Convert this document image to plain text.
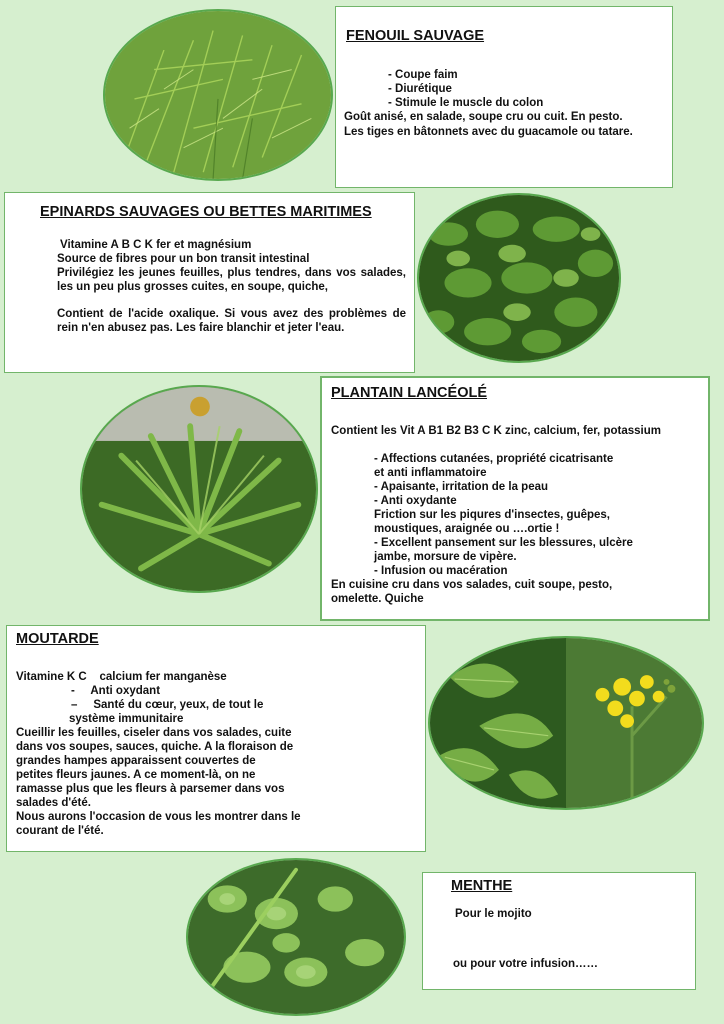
FENOUIL SAUVAGE
- Coupe faim
- Diurétique
- Stimule le muscle du colon
Goût anisé, en salade, soupe cru ou cuit. En pesto.
Les tiges en bâtonnets avec du guacamole ou tatare.
EPINARDS SAUVAGES OU BETTES MARITIMES
Vitamine A B C K fer et magnésium
Source de fibres pour un bon transit intestinal
Privilégiez les jeunes feuilles, plus tendres, dans vos salades, les un peu plus grosses cuites, en soupe, quiche,
Contient de l'acide oxalique. Si vous avez des problèmes de rein n'en abusez pas. Les faire blanchir et jeter l'eau.
PLANTAIN LANCÉOLÉ
Contient les Vit A B1 B2 B3 C K zinc, calcium, fer, potassium
- Affections cutanées, propriété cicatrisante
et anti inflammatoire
- Apaisante, irritation de la peau
- Anti oxydante
Friction sur les piqures d'insectes, guêpes,
moustiques, araignée ou ….ortie !
- Excellent pansement sur les blessures, ulcère
jambe, morsure de vipère.
- Infusion ou macération
En cuisine cru dans vos salades, cuit soupe, pesto,
omelette. Quiche
MOUTARDE
Vitamine K C    calcium fer manganèse
-     Anti oxydant
–     Santé du cœur, yeux, de tout le
système immunitaire
Cueillir les feuilles, ciseler dans vos salades, cuite
dans vos soupes, sauces, quiche. A la floraison de
grandes hampes apparaissent couvertes de
petites fleurs jaunes. A ce moment-là, on ne
ramasse plus que les fleurs à parsemer dans vos
salades d'été.
Nous aurons l'occasion de vous les montrer dans le
courant de l'été.
MENTHE
Pour le mojito
ou pour votre infusion……
